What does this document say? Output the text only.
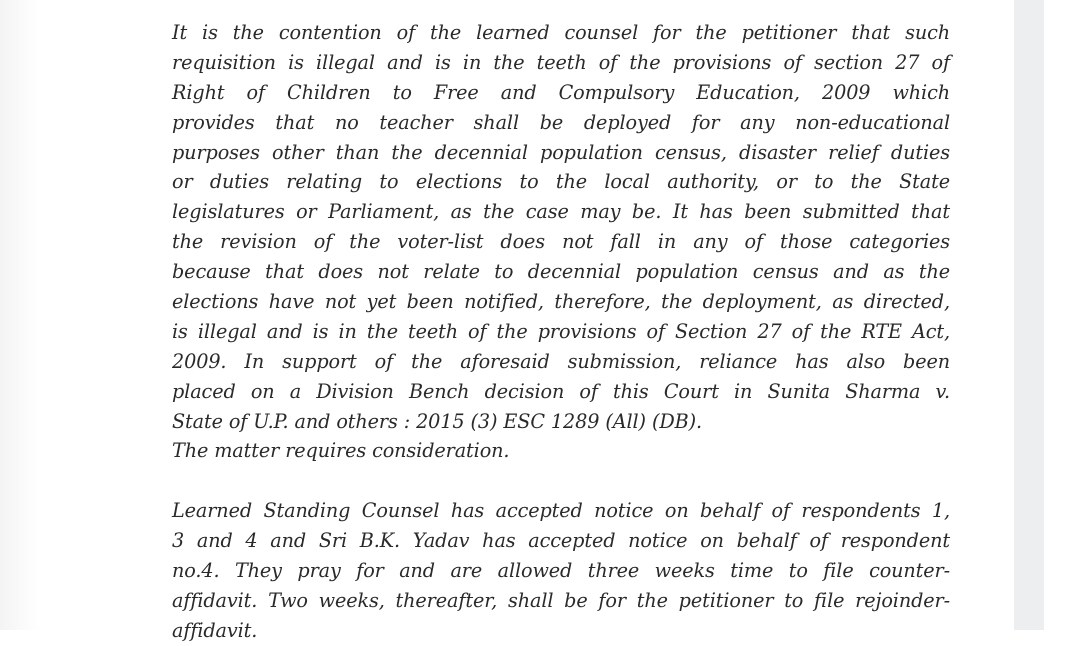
It is the contention of the learned counsel for the petitioner that such
requisition is illegal and is in the teeth of the provisions of section 27 of
Right of Children to Free and Compulsory Education, 2009 which
provides that no teacher shall be deployed for any non-educational
purposes other than the decennial population census, disaster relief duties
or duties relating to elections to the local authority, or to the State
legislatures or Parliament, as the case may be. It has been submitted that
the revision of the voter-list does not fall in any of those categories
because that does not relate to decennial population census and as the
elections have not yet been notified, therefore, the deployment, as directed,
is illegal and is in the teeth of the provisions of Section 27 of the RTE Act,
2009. In support of the aforesaid submission, reliance has also been
placed on a Division Bench decision of this Court in Sunita Sharma v.
State of U.P. and others : 2015 (3) ESC 1289 (All) (DB).
The matter requires consideration.
Learned Standing Counsel has accepted notice on behalf of respondents 1,
3 and 4 and Sri B.K. Yadav has accepted notice on behalf of respondent
no.4. They pray for and are allowed three weeks time to file counter-
affidavit. Two weeks, thereafter, shall be for the petitioner to file rejoinder-
affidavit.
